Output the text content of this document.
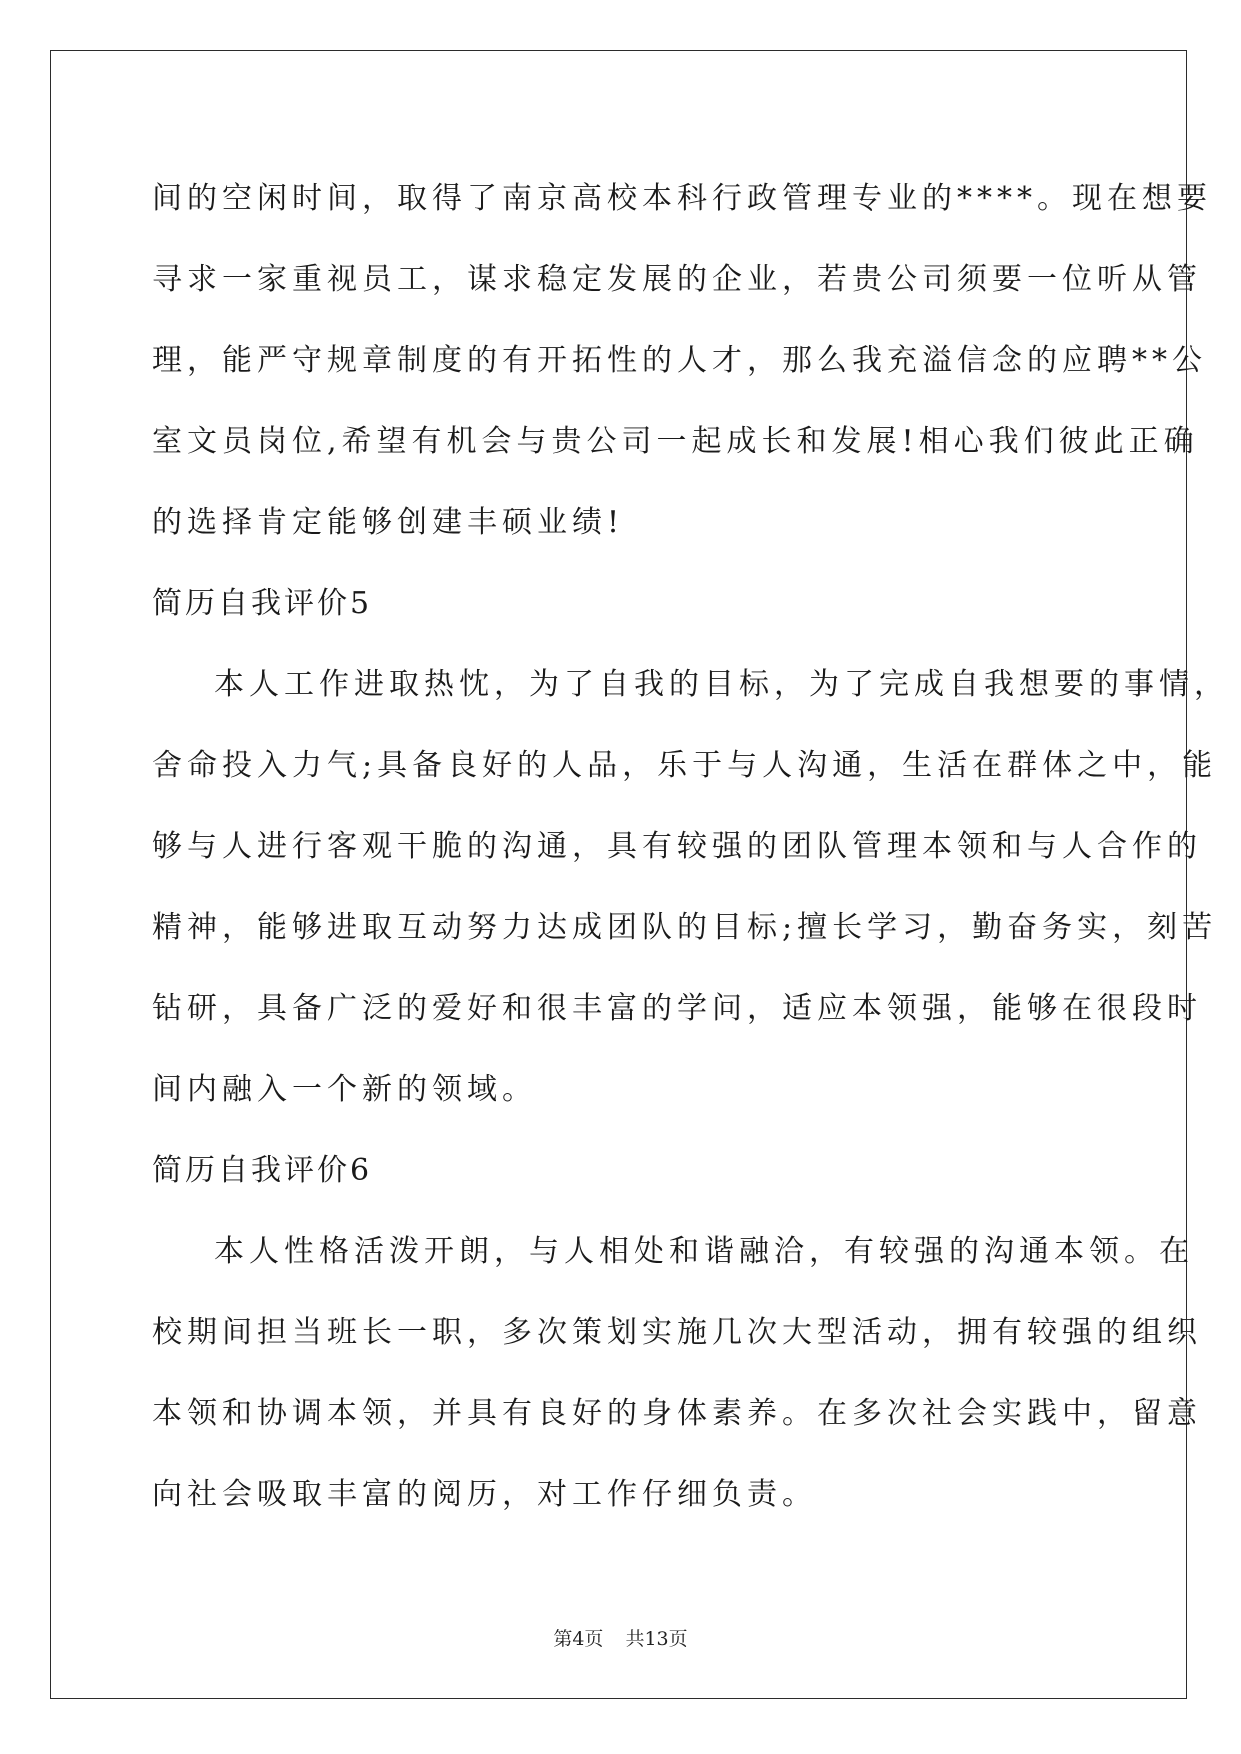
间的空闲时间，取得了南京高校本科行政管理专业的****。现在想要
寻求一家重视员工，谋求稳定发展的企业，若贵公司须要一位听从管
理，能严守规章制度的有开拓性的人才，那么我充溢信念的应聘**公
室文员岗位,希望有机会与贵公司一起成长和发展!相心我们彼此正确
的选择肯定能够创建丰硕业绩!
简历自我评价5
本人工作进取热忱，为了自我的目标，为了完成自我想要的事情，
舍命投入力气;具备良好的人品，乐于与人沟通，生活在群体之中，能
够与人进行客观干脆的沟通，具有较强的团队管理本领和与人合作的
精神，能够进取互动努力达成团队的目标;擅长学习，勤奋务实，刻苦
钻研，具备广泛的爱好和很丰富的学问，适应本领强，能够在很段时
间内融入一个新的领域。
简历自我评价6
本人性格活泼开朗，与人相处和谐融洽，有较强的沟通本领。在
校期间担当班长一职，多次策划实施几次大型活动，拥有较强的组织
本领和协调本领，并具有良好的身体素养。在多次社会实践中，留意
向社会吸取丰富的阅历，对工作仔细负责。
第4页 共13页
